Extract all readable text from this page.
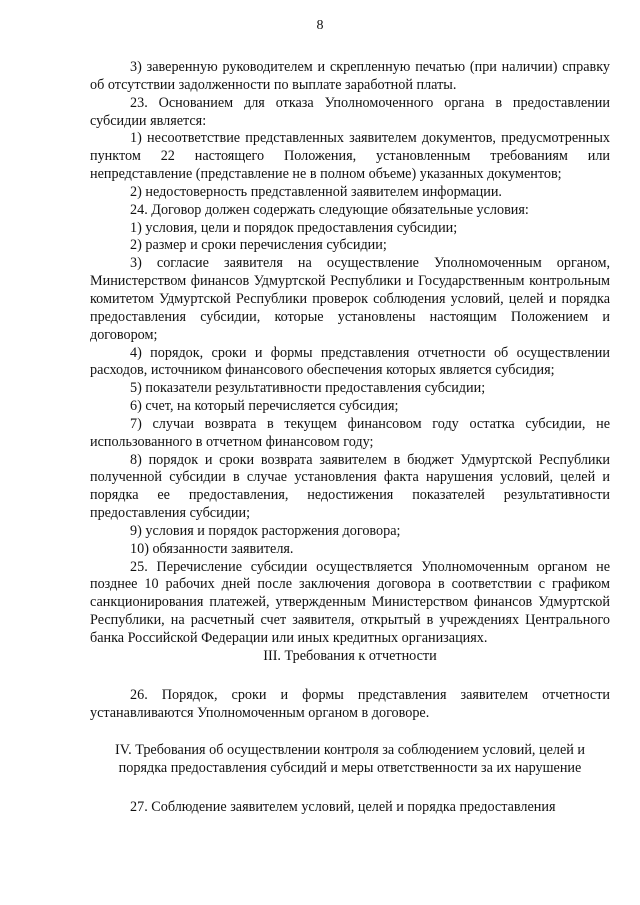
8

3) заверенную руководителем и скрепленную печатью (при наличии) справку об отсутствии задолженности по выплате заработной платы.

23. Основанием для отказа Уполномоченного органа в предоставлении субсидии является:

1) несоответствие представленных заявителем документов, предусмотренных пунктом 22 настоящего Положения, установленным требованиям или непредставление (представление не в полном объеме) указанных документов;

2) недостоверность представленной заявителем информации.

24. Договор должен содержать следующие обязательные условия:

1) условия, цели и порядок предоставления субсидии;

2) размер и сроки перечисления субсидии;

3) согласие заявителя на осуществление Уполномоченным органом, Министерством финансов Удмуртской Республики и Государственным контрольным комитетом Удмуртской Республики проверок соблюдения условий, целей и порядка предоставления субсидии, которые установлены настоящим Положением и договором;

4) порядок, сроки и формы представления отчетности об осуществлении расходов, источником финансового обеспечения которых является субсидия;

5) показатели результативности предоставления субсидии;

6) счет, на который перечисляется субсидия;

7) случаи возврата в текущем финансовом году остатка субсидии, не использованного в отчетном финансовом году;

8) порядок и сроки возврата заявителем в бюджет Удмуртской Республики полученной субсидии в случае установления факта нарушения условий, целей и порядка ее предоставления, недостижения показателей результативности предоставления субсидии;

9) условия и порядок расторжения договора;

10) обязанности заявителя.

25. Перечисление субсидии осуществляется Уполномоченным органом не позднее 10 рабочих дней после заключения договора в соответствии с графиком санкционирования платежей, утвержденным Министерством финансов Удмуртской Республики, на расчетный счет заявителя, открытый в учреждениях Центрального банка Российской Федерации или иных кредитных организациях.

III. Требования к отчетности

26. Порядок, сроки и формы представления заявителем отчетности устанавливаются Уполномоченным органом в договоре.

IV. Требования об осуществлении контроля за соблюдением условий, целей и порядка предоставления субсидий и меры ответственности за их нарушение

27. Соблюдение заявителем условий, целей и порядка предоставления
